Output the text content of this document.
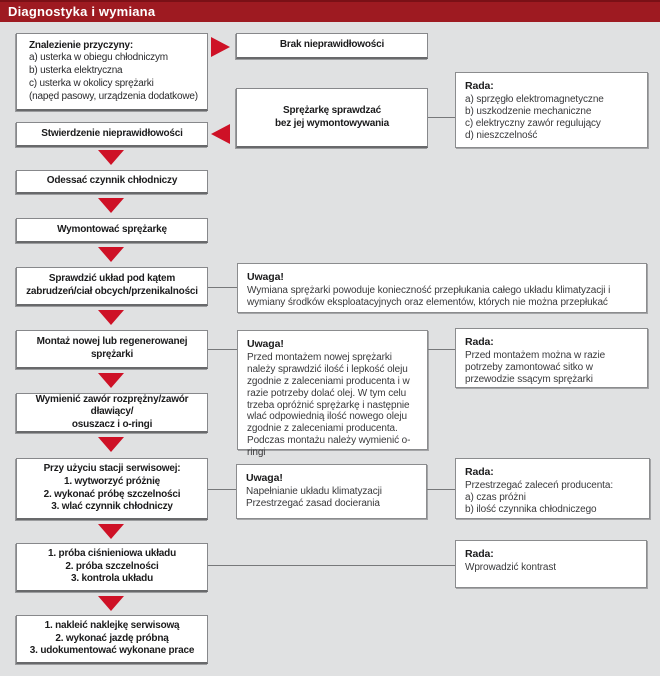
Diagnostyka i wymiana
Znalezienie przyczyny:
a) usterka w obiegu chłodniczym
b) usterka elektryczna
c) usterka w okolicy sprężarki
(napęd pasowy, urządzenia dodatkowe)
Stwierdzenie nieprawidłowości
Odessać czynnik chłodniczy
Wymontować sprężarkę
Sprawdzić układ pod kątem
zabrudzeń/ciał obcych/przenikalności
Montaż nowej lub regenerowanej
sprężarki
Wymienić zawór rozprężny/zawór dławiący/
osuszacz i o-ringi
Przy użyciu stacji serwisowej:
1. wytworzyć próżnię
2. wykonać próbę szczelności
3. wlać czynnik chłodniczy
1. próba ciśnieniowa układu
2. próba szczelności
3. kontrola układu
1. nakleić naklejkę serwisową
2. wykonać jazdę próbną
3. udokumentować wykonane prace
Brak nieprawidłowości
Sprężarkę sprawdzać
bez jej wymontowywania
Rada:
a) sprzęgło elektromagnetyczne
b) uszkodzenie mechaniczne
c) elektryczny zawór regulujący
d) nieszczelność
Uwaga!
Wymiana sprężarki powoduje konieczność przepłukania całego układu klimatyzacji i wymiany środków eksploatacyjnych oraz elementów, których nie można przepłukać
Uwaga!
Przed montażem nowej sprężarki należy sprawdzić ilość i lepkość oleju zgodnie z zaleceniami producenta i w razie potrzeby dolać olej. W tym celu trzeba opróżnić sprężarkę i następnie wlać odpowiednią ilość nowego oleju zgodnie z zaleceniami producenta. Podczas montażu należy wymienić o-ringi
Rada:
Przed montażem można w razie potrzeby zamontować sitko w przewodzie ssącym sprężarki
Uwaga!
Napełnianie układu klimatyzacji
Przestrzegać zasad docierania
Rada:
Przestrzegać zaleceń producenta:
a) czas próżni
b) ilość czynnika chłodniczego
Rada:
Wprowadzić kontrast
